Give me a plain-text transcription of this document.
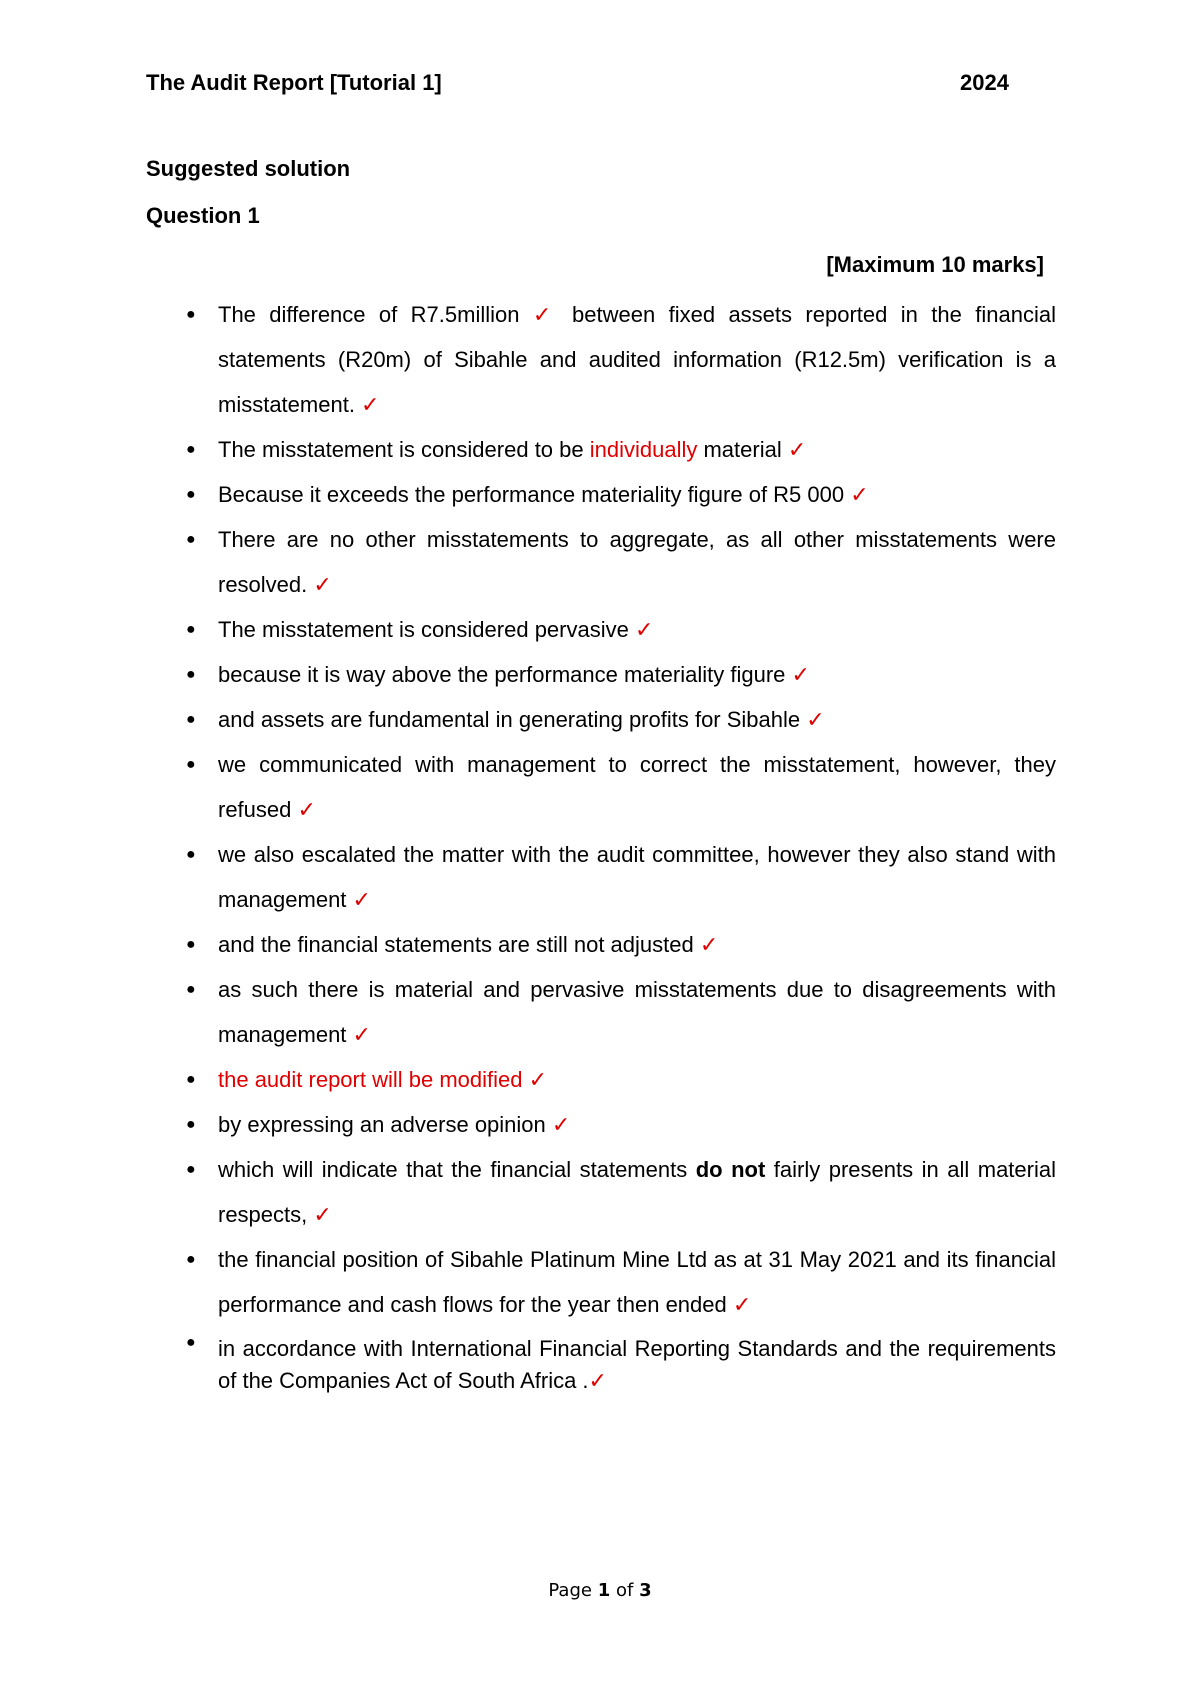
The Audit Report [Tutorial 1]	2024
Suggested solution
Question 1
[Maximum 10 marks]
● The difference of R7.5million ✓ between fixed assets reported in the financial statements (R20m) of Sibahle and audited information (R12.5m) verification is a misstatement. ✓
● The misstatement is considered to be individually material ✓
● Because it exceeds the performance materiality figure of R5 000 ✓
● There are no other misstatements to aggregate, as all other misstatements were resolved. ✓
● The misstatement is considered pervasive ✓
● because it is way above the performance materiality figure ✓
● and assets are fundamental in generating profits for Sibahle ✓
● we communicated with management to correct the misstatement, however, they refused ✓
● we also escalated the matter with the audit committee, however they also stand with management ✓
● and the financial statements are still not adjusted ✓
● as such there is material and pervasive misstatements due to disagreements with management ✓
● the audit report will be modified ✓
● by expressing an adverse opinion ✓
● which will indicate that the financial statements do not fairly presents in all material respects, ✓
● the financial position of Sibahle Platinum Mine Ltd as at 31 May 2021 and its financial performance and cash flows for the year then ended ✓
● in accordance with International Financial Reporting Standards and the requirements of the Companies Act of South Africa .✓
Page 1 of 3
